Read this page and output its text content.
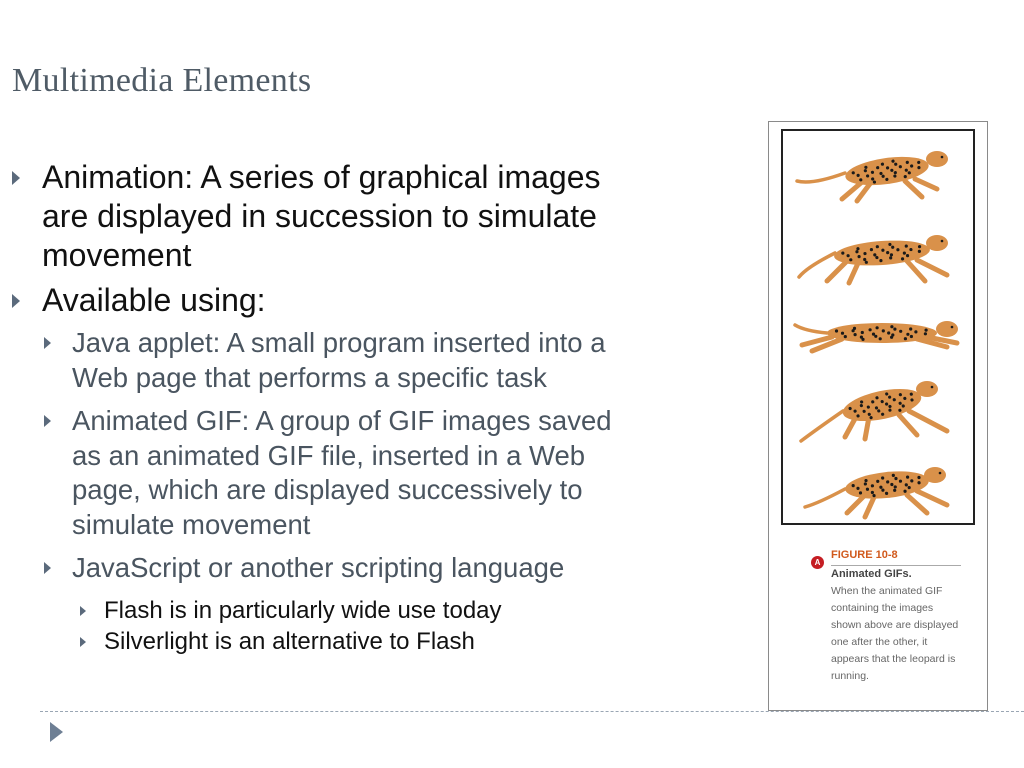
Multimedia Elements
Animation: A series of graphical images are displayed in succession to simulate movement
Available using:
Java applet: A small program inserted into a Web page that performs a specific task
Animated GIF: A group of GIF images saved as an animated GIF file, inserted in a Web page, which are displayed successively to simulate movement
JavaScript or another scripting language
Flash is in particularly wide use today
Silverlight is an alternative to Flash
A
FIGURE 10-8
Animated GIFs.
When the animated GIF containing the images shown above are displayed one after the other, it appears that the leopard is running.
